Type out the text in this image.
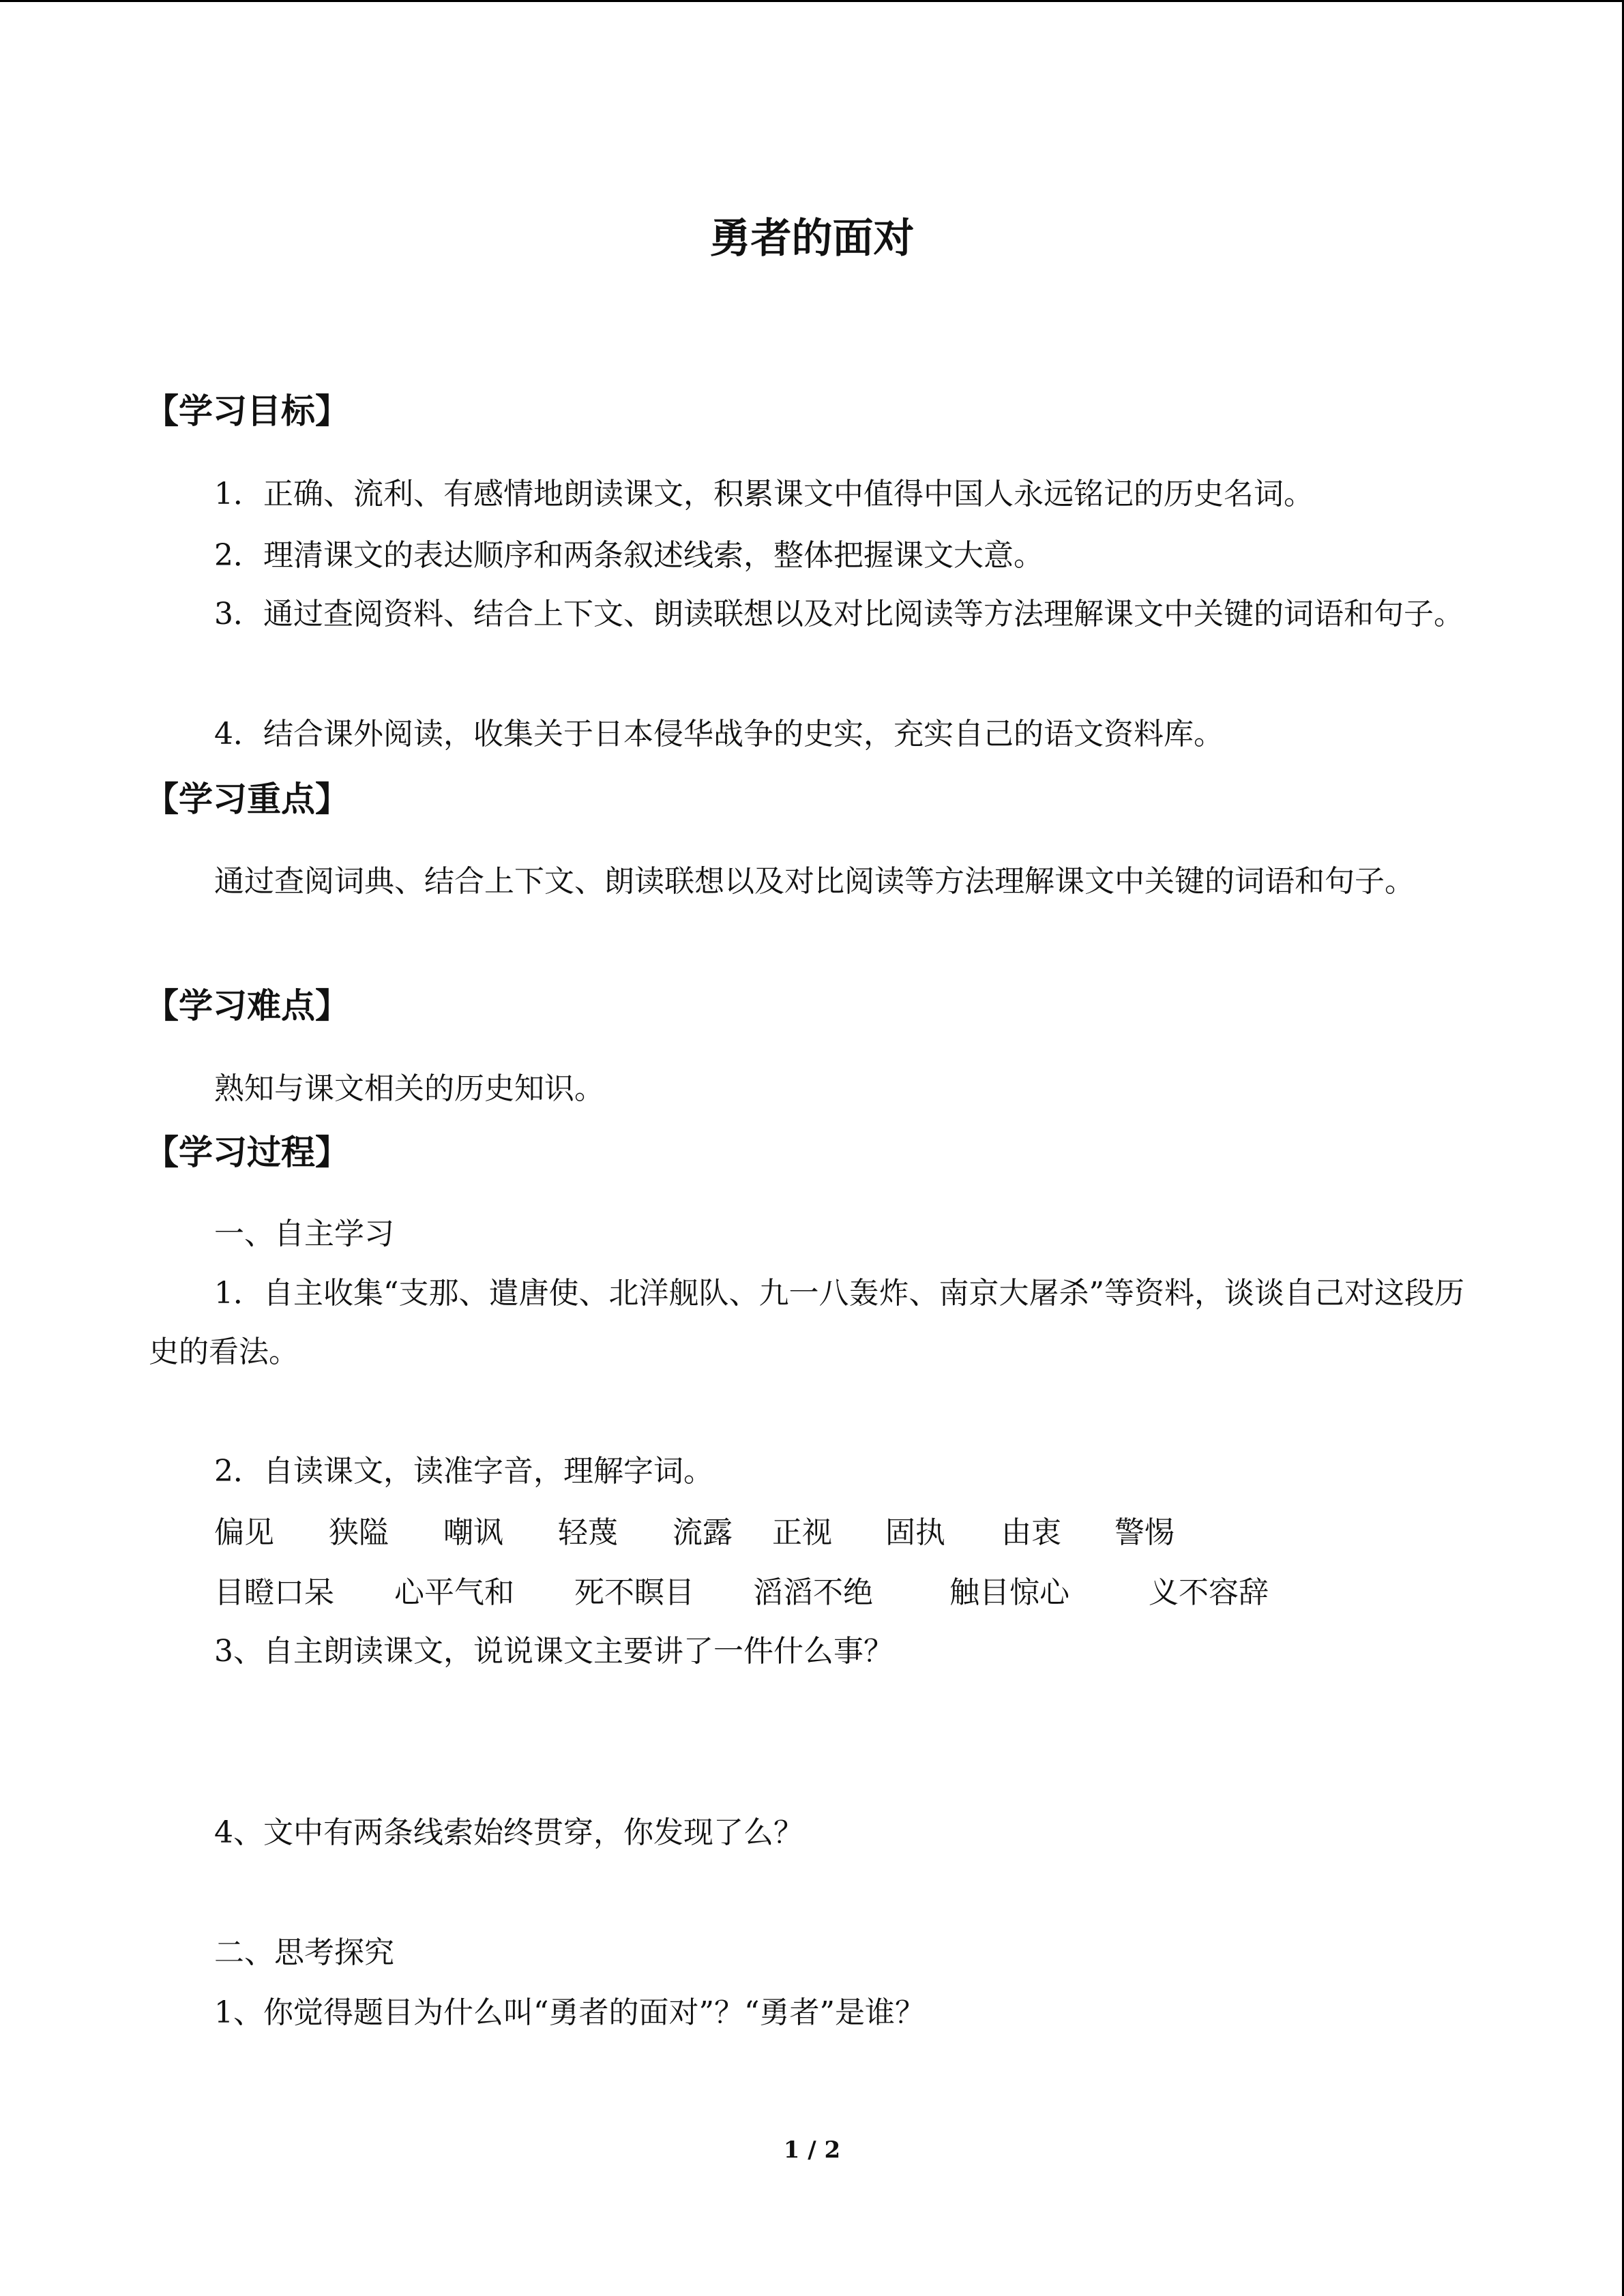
勇者的面对
【学习目标】

1．正确、流利、有感情地朗读课文，积累课文中值得中国人永远铭记的历史名词。

2．理清课文的表达顺序和两条叙述线索，整体把握课文大意。

3．通过查阅资料、结合上下文、朗读联想以及对比阅读等方法理解课文中关键的词语和句子。

4．结合课外阅读，收集关于日本侵华战争的史实，充实自己的语文资料库。

【学习重点】

通过查阅词典、结合上下文、朗读联想以及对比阅读等方法理解课文中关键的词语和句子。

【学习难点】

熟知与课文相关的历史知识。

【学习过程】
一、自主学习

1．自主收集“支那、遣唐使、北洋舰队、九一八轰炸、南京大屠杀”等资料，谈谈自己对这段历史的看法。

2．自读课文，读准字音，理解字词。
偏见 狭隘 嘲讽 轻蔑 流露 正视 固执 由衷 警惕
目瞪口呆 心平气和 死不瞑目 滔滔不绝	触目惊心	义不容辞
3、自主朗读课文，说说课文主要讲了一件什么事？
4、文中有两条线索始终贯穿，你发现了么？
二、思考探究
1、你觉得题目为什么叫“勇者的面对”？“勇者”是谁？
1 / 2
